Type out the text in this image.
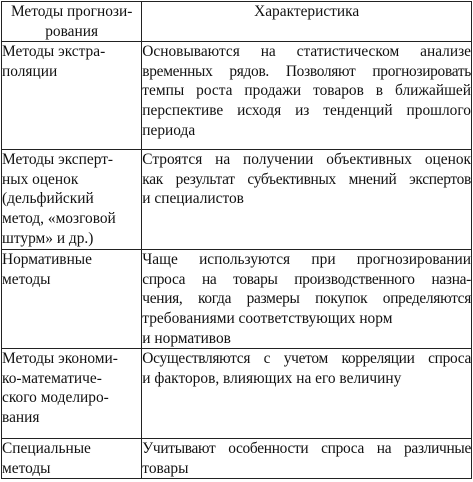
Методы прогнози-
рования	Характеристика

Методы экстра-
поляции	Основываются на статистическом анализе
временных рядов. Позволяют прогнозировать
темпы роста продажи товаров в ближайшей
перспективе исходя из тенденций прошлого
периода

Методы эксперт-
ных оценок
(дельфийский
метод, «мозговой
штурм» и др.)	Строятся на получении объективных оценок
как результат субъективных мнений экспертов
и специалистов

Нормативные
методы	Чаще используются при прогнозировании
спроса на товары производственного назна-
чения, когда размеры покупок определяются
требованиями соответствующих норм
и нормативов

Методы экономи-
ко-математиче-
ского моделиро-
вания	Осуществляются с учетом корреляции спроса
и факторов, влияющих на его величину

Специальные
методы	Учитывают особенности спроса на различные
товары
